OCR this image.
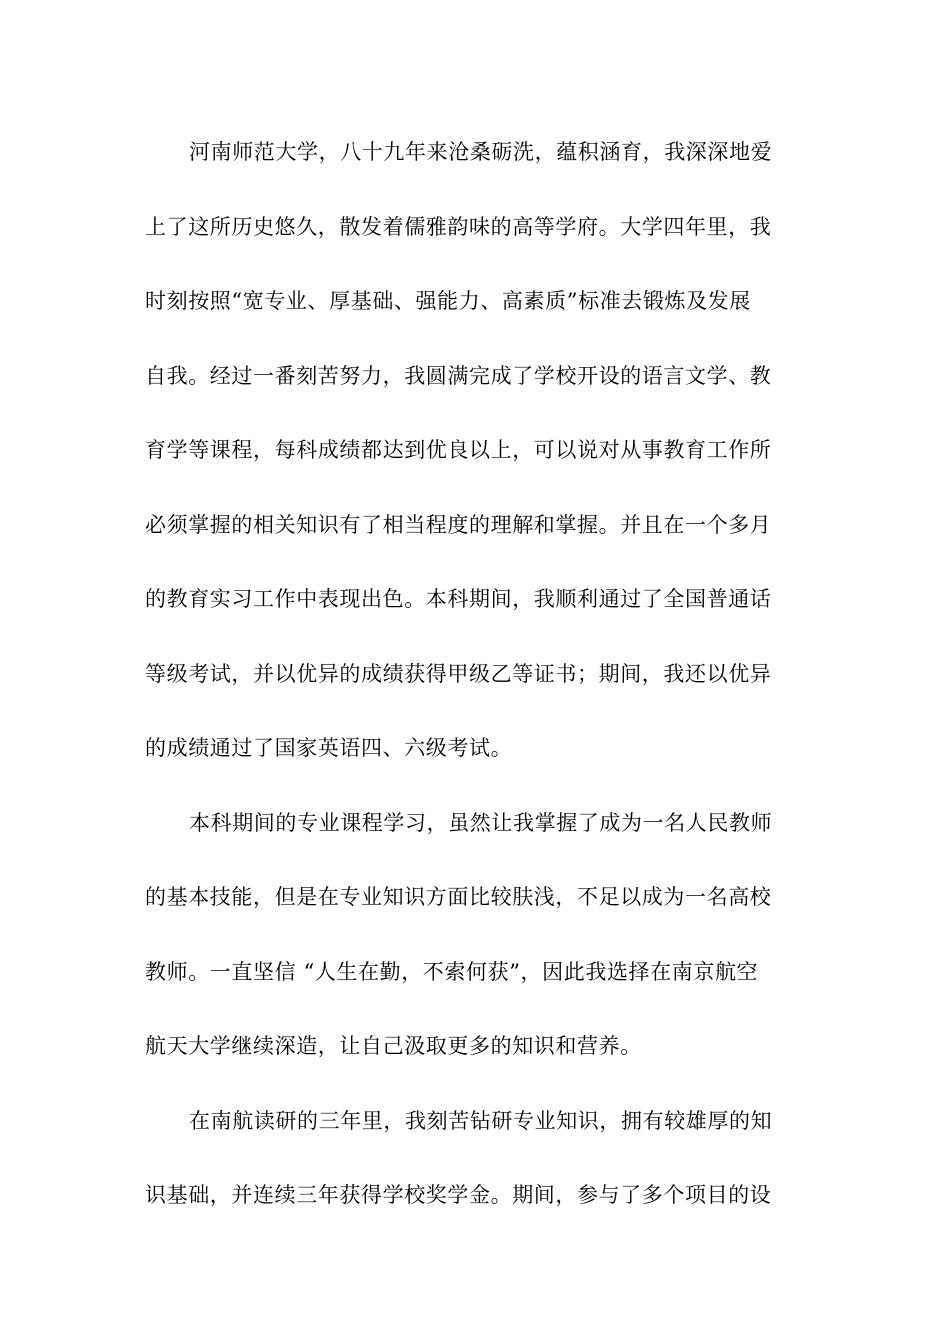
河南师范大学，八十九年来沧桑砺洗，蕴积涵育，我深深地爱
上了这所历史悠久，散发着儒雅韵味的高等学府。大学四年里，我
时刻按照“宽专业、厚基础、强能力、高素质”标准去锻炼及发展
自我。经过一番刻苦努力，我圆满完成了学校开设的语言文学、教
育学等课程，每科成绩都达到优良以上，可以说对从事教育工作所
必须掌握的相关知识有了相当程度的理解和掌握。并且在一个多月
的教育实习工作中表现出色。本科期间，我顺利通过了全国普通话
等级考试，并以优异的成绩获得甲级乙等证书；期间，我还以优异
的成绩通过了国家英语四、六级考试。
本科期间的专业课程学习，虽然让我掌握了成为一名人民教师
的基本技能，但是在专业知识方面比较肤浅，不足以成为一名高校
教师。一直坚信 “人生在勤，不索何获”，因此我选择在南京航空
航天大学继续深造，让自己汲取更多的知识和营养。
在南航读研的三年里，我刻苦钻研专业知识，拥有较雄厚的知
识基础，并连续三年获得学校奖学金。期间，参与了多个项目的设
